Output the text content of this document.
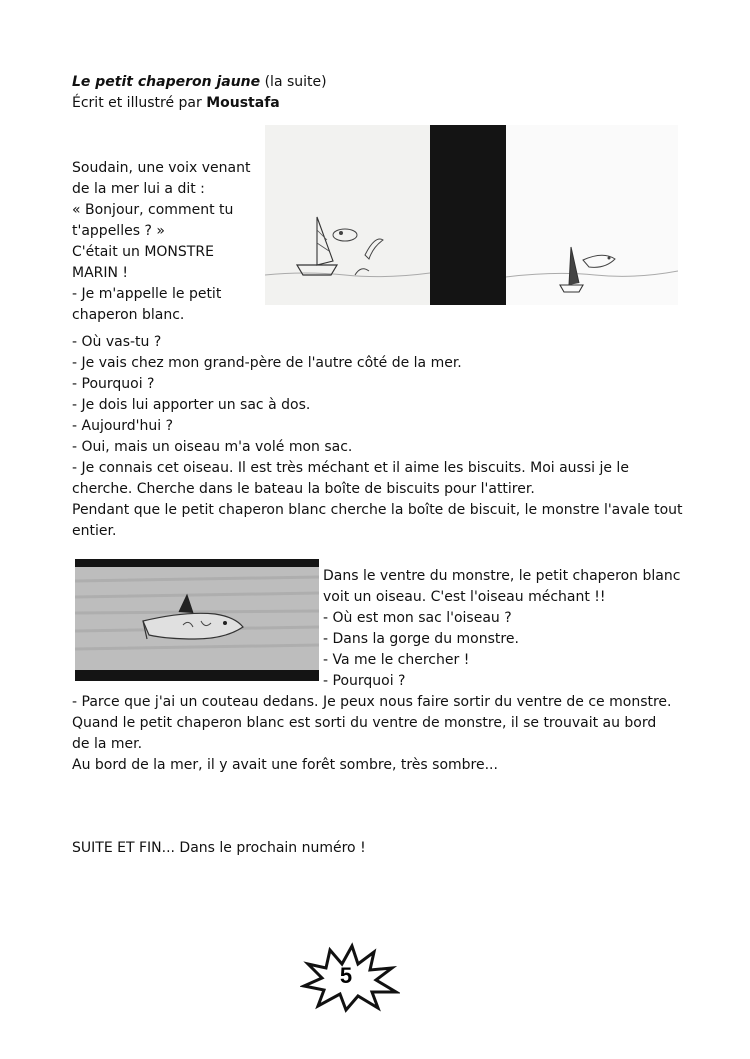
Le petit chaperon jaune (la suite)
Écrit et illustré par Moustafa

Soudain, une voix venant
de la mer lui a dit :
« Bonjour, comment tu
t'appelles ? »
C'était un MONSTRE
MARIN !
- Je m'appelle le petit
chaperon blanc.

- Où vas-tu ?
- Je vais chez mon grand-père de l'autre côté de la mer.
- Pourquoi ?
- Je dois lui apporter un sac à dos.
- Aujourd'hui ?
- Oui, mais un oiseau m'a volé mon sac.
- Je connais cet oiseau. Il est très méchant et il aime les biscuits. Moi aussi je le
cherche. Cherche dans le bateau la boîte de biscuits pour l'attirer.
Pendant que le petit chaperon blanc cherche la boîte de biscuit, le monstre l'avale tout
entier.

Dans le ventre du monstre, le petit chaperon blanc
voit un oiseau. C'est l'oiseau méchant !!
- Où est mon sac l'oiseau ?
- Dans la gorge du monstre.
- Va me le chercher !
- Pourquoi ?

- Parce que j'ai un couteau dedans. Je peux nous faire sortir du ventre de ce monstre.
Quand le petit chaperon blanc est sorti du ventre de monstre, il se trouvait au bord
de la mer.
Au bord de la mer, il y avait une forêt sombre, très sombre...

SUITE ET FIN... Dans le prochain numéro !

5
